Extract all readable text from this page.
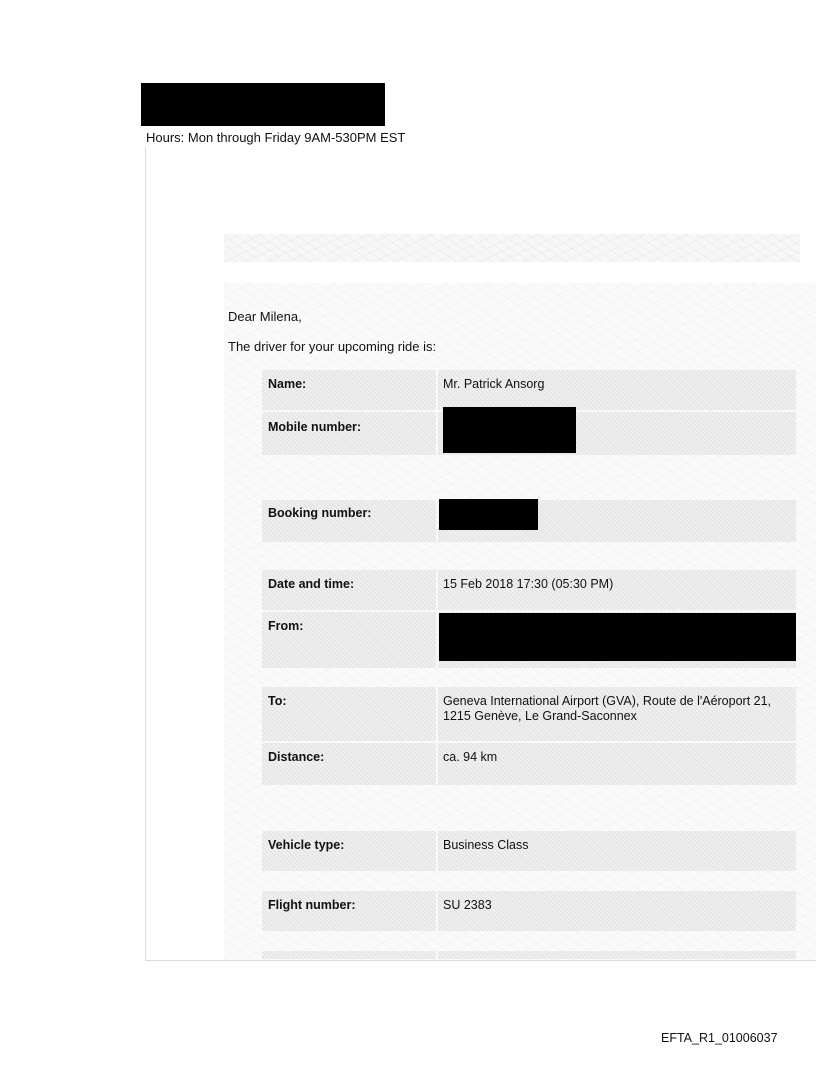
Hours: Mon through Friday 9AM-530PM EST
Dear Milena,
The driver for your upcoming ride is:
Name:	Mr. Patrick Ansorg
Mobile number:
Booking number:
Date and time:	15 Feb 2018 17:30 (05:30 PM)
From:
To:	Geneva International Airport (GVA), Route de l'Aéroport 21, 1215 Genève, Le Grand-Saconnex
Distance:	ca. 94 km
Vehicle type:	Business Class
Flight number:	SU 2383
EFTA_R1_01006037
